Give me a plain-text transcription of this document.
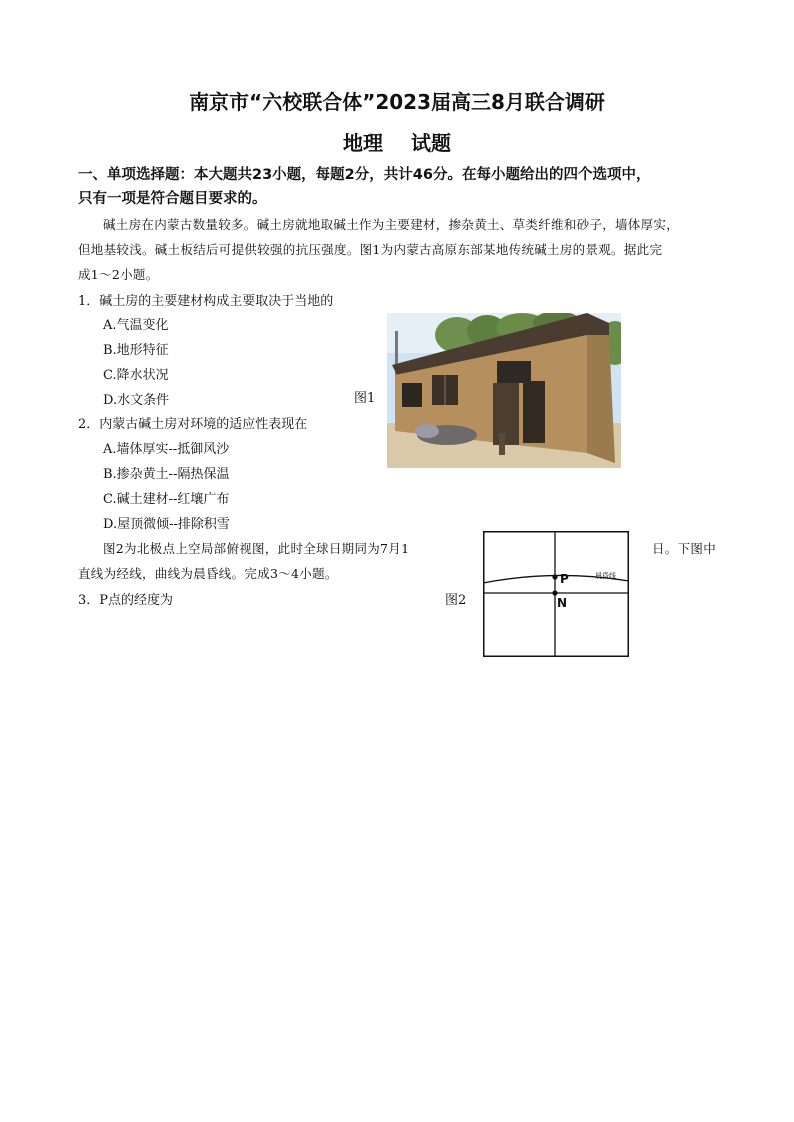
南京市“六校联合体”2023届高三8月联合调研
地理 试题
一、单项选择题：本大题共23小题，每题2分，共计46分。在每小题给出的四个选项中，
只有一项是符合题目要求的。
碱土房在内蒙古数量较多。碱土房就地取碱土作为主要建材，掺杂黄土、草类纤维和砂子，墙体厚实，
但地基较浅。碱土板结后可提供较强的抗压强度。图1为内蒙古高原东部某地传统碱土房的景观。据此完
成1～2小题。
1．碱土房的主要建材构成主要取决于当地的
A.气温变化
B.地形特征
C.降水状况
D.水文条件	图1
2．内蒙古碱土房对环境的适应性表现在
A.墙体厚实--抵御风沙
B.掺杂黄土--隔热保温
C.碱土建材--红壤广布
D.屋顶微倾--排除积雪
图2为北极点上空局部俯视图，此时全球日期同为7月1	日。下图中
直线为经线，曲线为晨昏线。完成3～4小题。
3．P点的经度为	图2
P
N
晨昏线
